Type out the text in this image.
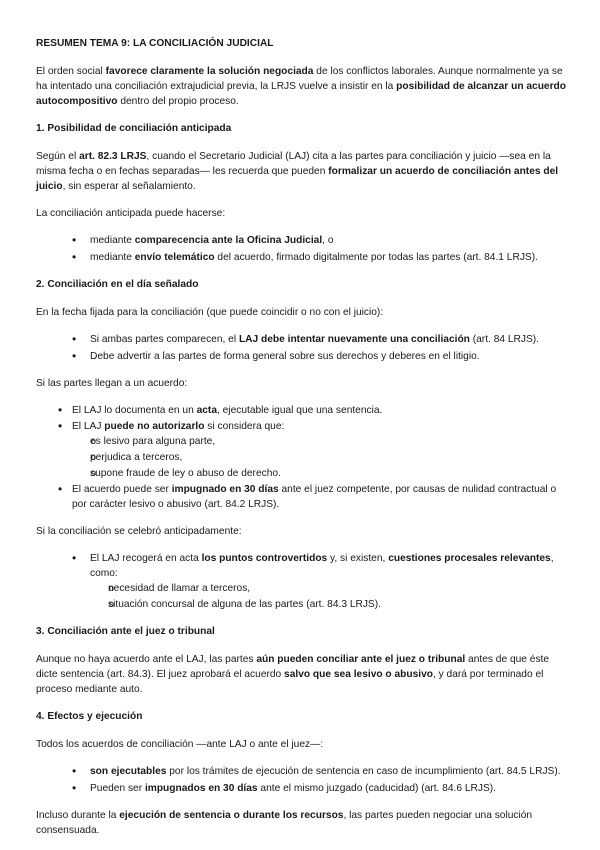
RESUMEN TEMA 9: LA CONCILIACIÓN JUDICIAL

El orden social favorece claramente la solución negociada de los conflictos laborales. Aunque normalmente ya se ha intentado una conciliación extrajudicial previa, la LRJS vuelve a insistir en la posibilidad de alcanzar un acuerdo autocompositivo dentro del propio proceso.

1. Posibilidad de conciliación anticipada

Según el art. 82.3 LRJS, cuando el Secretario Judicial (LAJ) cita a las partes para conciliación y juicio —sea en la misma fecha o en fechas separadas— les recuerda que pueden formalizar un acuerdo de conciliación antes del juicio, sin esperar al señalamiento.

La conciliación anticipada puede hacerse:

• mediante comparecencia ante la Oficina Judicial, o
• mediante envío telemático del acuerdo, firmado digitalmente por todas las partes (art. 84.1 LRJS).
2. Conciliación en el día señalado

En la fecha fijada para la conciliación (que puede coincidir o no con el juicio):

• Si ambas partes comparecen, el LAJ debe intentar nuevamente una conciliación (art. 84 LRJS).
• Debe advertir a las partes de forma general sobre sus derechos y deberes en el litigio.

Si las partes llegan a un acuerdo:

• El LAJ lo documenta en un acta, ejecutable igual que una sentencia.
• El LAJ puede no autorizarlo si considera que:
o es lesivo para alguna parte,
o perjudica a terceros,
o supone fraude de ley o abuso de derecho.
• El acuerdo puede ser impugnado en 30 días ante el juez competente, por causas de nulidad contractual o por carácter lesivo o abusivo (art. 84.2 LRJS).

Si la conciliación se celebró anticipadamente:

• El LAJ recogerá en acta los puntos controvertidos y, si existen, cuestiones procesales relevantes, como:
o necesidad de llamar a terceros,
o situación concursal de alguna de las partes (art. 84.3 LRJS).
3. Conciliación ante el juez o tribunal

Aunque no haya acuerdo ante el LAJ, las partes aún pueden conciliar ante el juez o tribunal antes de que éste dicte sentencia (art. 84.3). El juez aprobará el acuerdo salvo que sea lesivo o abusivo, y dará por terminado el proceso mediante auto.

4. Efectos y ejecución

Todos los acuerdos de conciliación —ante LAJ o ante el juez—:

• son ejecutables por los trámites de ejecución de sentencia en caso de incumplimiento (art. 84.5 LRJS).
• Pueden ser impugnados en 30 días ante el mismo juzgado (caducidad) (art. 84.6 LRJS).

Incluso durante la ejecución de sentencia o durante los recursos, las partes pueden negociar una solución consensuada.
